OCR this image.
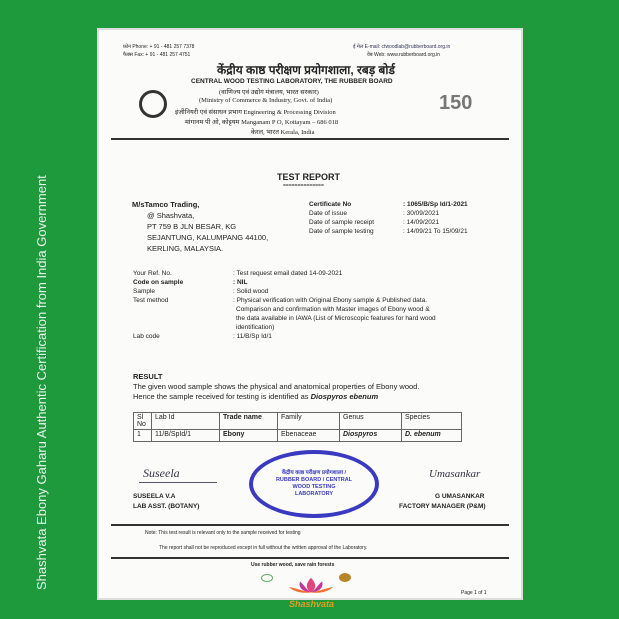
फ़ोन Phone: + 91 - 481 257 7378
फैक्स Fax: + 91 - 481 257 4751
ई मेल E-mail: ctwoodlab@rubberboard.org.in
वेब Web: www.rubberboard.org.in
केंद्रीय काष्ठ परीक्षण प्रयोगशाला, रबड़ बोर्ड
CENTRAL WOOD TESTING LABORATORY, THE RUBBER BOARD
(वाणिज्य एवं उद्योग मंत्रालय, भारत सरकार)
(Ministry of Commerce & Industry, Govt. of India)
इंजीनियरी एवं संसाधन प्रभाग Engineering & Processing Division
मांगानम पी ओ, कोट्टयम Manganam P O, Kottayam – 686 018
केरल, भारत Kerala, India
150
TEST REPORT
==============
M/sTamco Trading,
@ Shashvata,
PT 759 B JLN BESAR, KG
SEJANTUNG, KALUMPANG 44100,
KERLING, MALAYSIA.
Certificate No	: 1065/B/Sp Id/1-2021
Date of issue	: 30/09/2021
Date of sample receipt	: 14/09/2021
Date of sample testing	: 14/09/21 To 15/09/21
Your Ref. No.	: Test request email dated 14-09-2021
Code on sample	: NIL
Sample	: Solid wood
Test method	: Physical verification with Original Ebony sample & Published data.
Comparison and confirmation with Master images of Ebony wood &
the data available in IAWA (List of Microscopic features for hard wood
identification)
Lab code	: 11/B/Sp Id/1
RESULT
The given wood sample shows the physical and anatomical properties of Ebony wood.
Hence the sample received for testing is identified as Diospyros ebenum
Sl No	Lab Id	Trade name	Family	Genus	Species
1	11/B/SpId/1	Ebony	Ebenaceae	Diospyros	D. ebenum
Suseela
SUSEELA V.A
LAB ASST. (BOTANY)
Umasankar
G UMASANKAR
FACTORY MANAGER (P&M)
केंद्रीय काष्ठ परीक्षण प्रयोगशाला / RUBBER BOARD / CENTRAL WOOD TESTING LABORATORY
Note: This test result is relevant only to the sample received for testing
The report shall not be reproduced except in full without the written approval of the Laboratory.
Use rubber wood, save rain forests
Page 1 of 1
Shashvata
Shashvata Ebony Gaharu Authentic Certification from India Government
